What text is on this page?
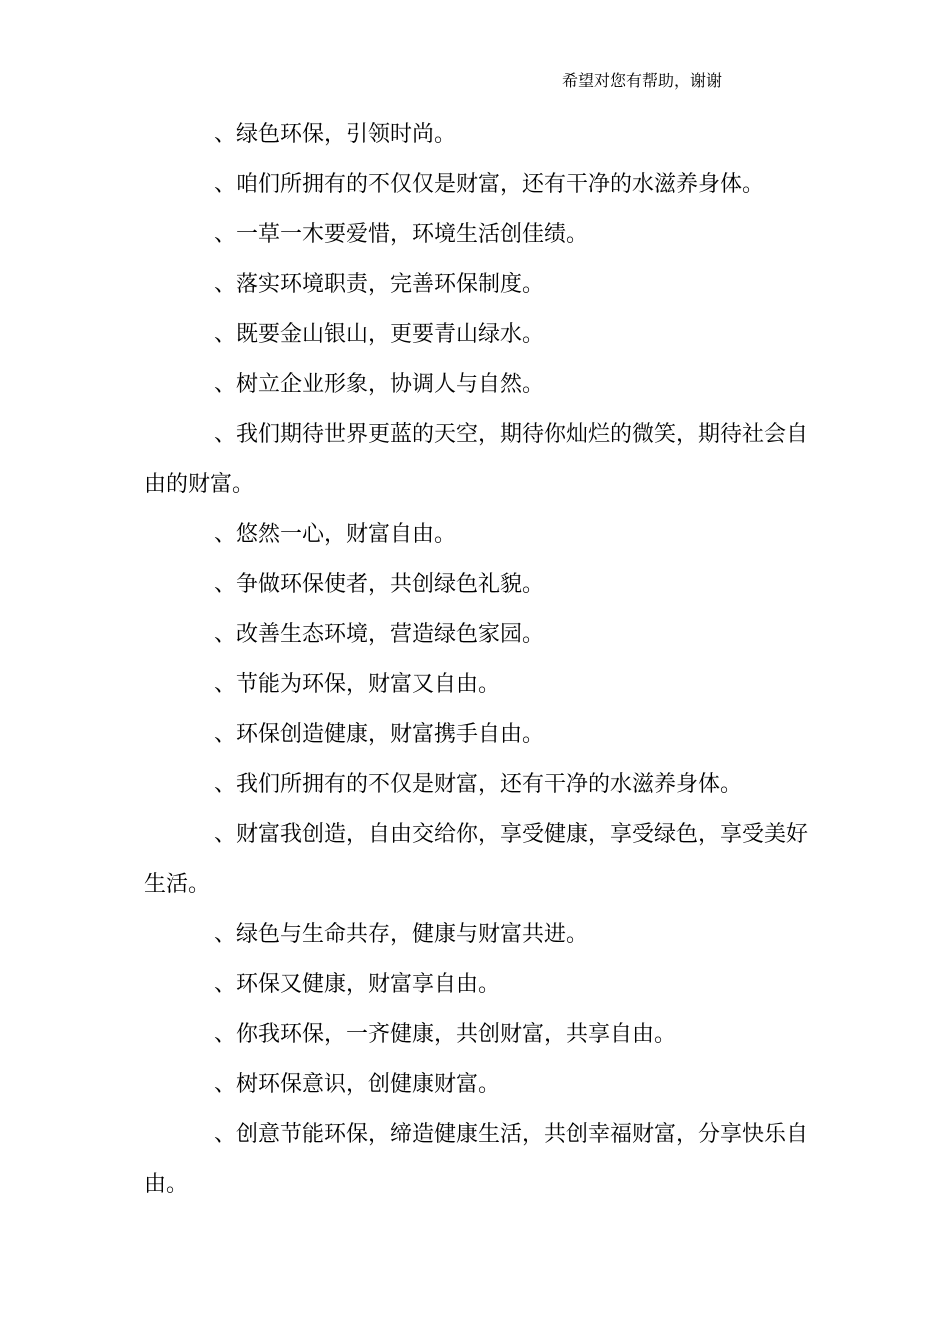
希望对您有帮助，谢谢

、绿色环保，引领时尚。

、咱们所拥有的不仅仅是财富，还有干净的水滋养身体。

、一草一木要爱惜，环境生活创佳绩。

、落实环境职责，完善环保制度。

、既要金山银山，更要青山绿水。

、树立企业形象，协调人与自然。

、我们期待世界更蓝的天空，期待你灿烂的微笑，期待社会自由的财富。

、悠然一心，财富自由。

、争做环保使者，共创绿色礼貌。

、改善生态环境，营造绿色家园。

、节能为环保，财富又自由。

、环保创造健康，财富携手自由。

、我们所拥有的不仅是财富，还有干净的水滋养身体。

、财富我创造，自由交给你，享受健康，享受绿色，享受美好生活。

、绿色与生命共存，健康与财富共进。

、环保又健康，财富享自由。

、你我环保，一齐健康，共创财富，共享自由。

、树环保意识，创健康财富。

、创意节能环保，缔造健康生活，共创幸福财富，分享快乐自由。
